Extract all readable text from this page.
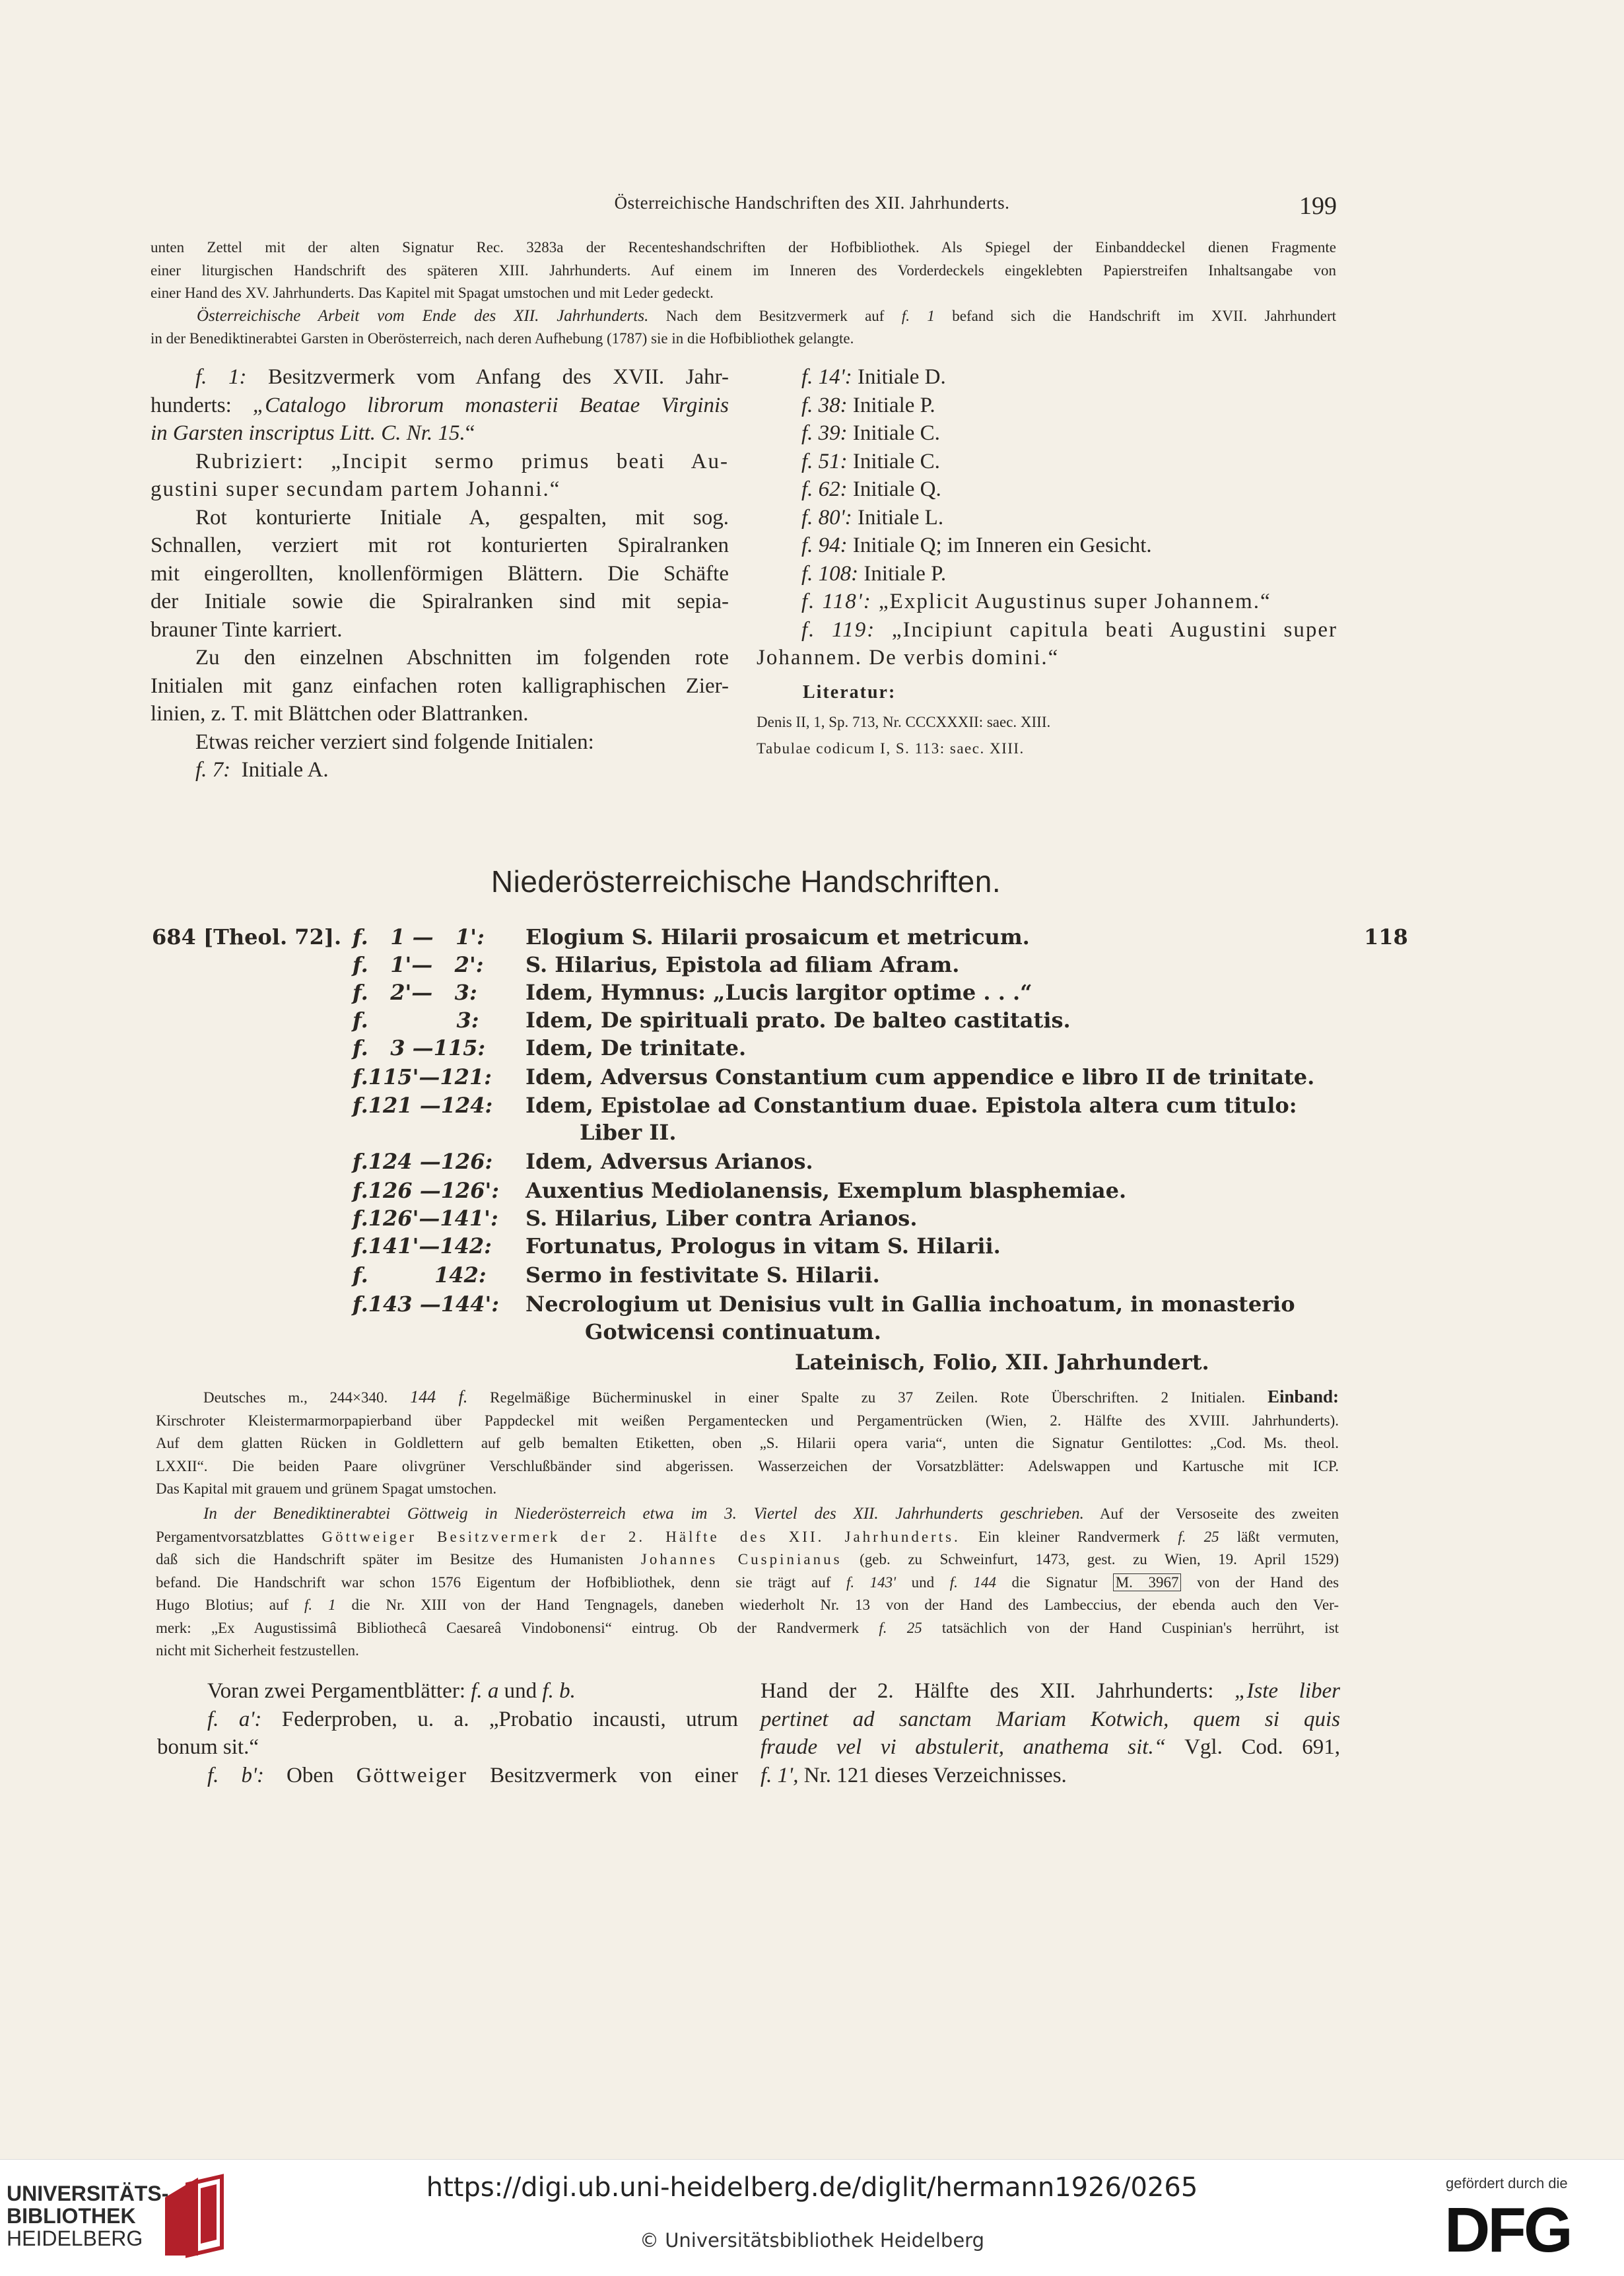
Österreichische Handschriften des XII. Jahrhunderts.	199
unten Zettel mit der alten Signatur Rec. 3283a der Recenteshandschriften der Hofbibliothek. Als Spiegel der Einbanddeckel dienen Fragmente
einer liturgischen Handschrift des späteren XIII. Jahrhunderts. Auf einem im Inneren des Vorderdeckels eingeklebten Papierstreifen Inhaltsangabe von
einer Hand des XV. Jahrhunderts. Das Kapitel mit Spagat umstochen und mit Leder gedeckt.
Österreichische Arbeit vom Ende des XII. Jahrhunderts. Nach dem Besitzvermerk auf f. 1 befand sich die Handschrift im XVII. Jahrhundert
in der Benediktinerabtei Garsten in Oberösterreich, nach deren Aufhebung (1787) sie in die Hofbibliothek gelangte.

f. 1: Besitzvermerk vom Anfang des XVII. Jahr-

hunderts: „Catalogo librorum monasterii Beatae Virginis

in Garsten inscriptus Litt. C. Nr. 15.“

Rubriziert: „Incipit sermo primus beati Au-

gustini super secundam partem Johanni.“

Rot konturierte Initiale A, gespalten, mit sog.

Schnallen, verziert mit rot konturierten Spiralranken

mit eingerollten, knollenförmigen Blättern. Die Schäfte

der Initiale sowie die Spiralranken sind mit sepia-

brauner Tinte karriert.

Zu den einzelnen Abschnitten im folgenden rote

Initialen mit ganz einfachen roten kalligraphischen Zier-

linien, z. T. mit Blättchen oder Blattranken.

Etwas reicher verziert sind folgende Initialen:

f. 7: Initiale A.

f. 14': Initiale D.

f. 38: Initiale P.

f. 39: Initiale C.

f. 51: Initiale C.

f. 62: Initiale Q.

f. 80': Initiale L.

f. 94: Initiale Q; im Inneren ein Gesicht.

f. 108: Initiale P.

f. 118': „Explicit Augustinus super Johannem.“

f. 119: „Incipiunt capitula beati Augustini super

Johannem. De verbis domini.“

Literatur:

Denis II, 1, Sp. 713, Nr. CCCXXXII: saec. XIII.

Tabulae codicum I, S. 113: saec. XIII.

Niederösterreichische Handschriften.
684 [Theol. 72].	118
f.   1 —   1':	Elogium S. Hilarii prosaicum et metricum.
f.   1'—   2':	S. Hilarius, Epistola ad filiam Afram.
f.   2'—   3:	Idem, Hymnus: „Lucis largitor optime . . .“
f.            3:	Idem, De spirituali prato. De balteo castitatis.
f.   3 —115:	Idem, De trinitate.
f.115'—121:	Idem, Adversus Constantium cum appendice e libro II de trinitate.
f.121 —124:	Idem, Epistolae ad Constantium duae. Epistola altera cum titulo:
Liber II.
f.124 —126:	Idem, Adversus Arianos.
f.126 —126':	Auxentius Mediolanensis, Exemplum blasphemiae.
f.126'—141':	S. Hilarius, Liber contra Arianos.
f.141'—142:	Fortunatus, Prologus in vitam S. Hilarii.
f.         142:	Sermo in festivitate S. Hilarii.
f.143 —144':	Necrologium ut Denisius vult in Gallia inchoatum, in monasterio
Gotwicensi continuatum.
Lateinisch, Folio, XII. Jahrhundert.
Deutsches m., 244×340. 144 f. Regelmäßige Bücherminuskel in einer Spalte zu 37 Zeilen. Rote Überschriften. 2 Initialen. Einband:
Kirschroter Kleistermarmorpapierband über Pappdeckel mit weißen Pergamentecken und Pergamentrücken (Wien, 2. Hälfte des XVIII. Jahrhunderts).
Auf dem glatten Rücken in Goldlettern auf gelb bemalten Etiketten, oben „S. Hilarii opera varia“, unten die Signatur Gentilottes: „Cod. Ms. theol.
LXXII“. Die beiden Paare olivgrüner Verschlußbänder sind abgerissen. Wasserzeichen der Vorsatzblätter: Adelswappen und Kartusche mit ICP.
Das Kapital mit grauem und grünem Spagat umstochen.
In der Benediktinerabtei Göttweig in Niederösterreich etwa im 3. Viertel des XII. Jahrhunderts geschrieben. Auf der Versoseite des zweiten
Pergamentvorsatzblattes Göttweiger Besitzvermerk der 2. Hälfte des XII. Jahrhunderts. Ein kleiner Randvermerk f. 25 läßt vermuten,
daß sich die Handschrift später im Besitze des Humanisten Johannes Cuspinianus (geb. zu Schweinfurt, 1473, gest. zu Wien, 19. April 1529)
befand. Die Handschrift war schon 1576 Eigentum der Hofbibliothek, denn sie trägt auf f. 143' und f. 144 die Signatur M. 3967 von der Hand des
Hugo Blotius; auf f. 1 die Nr. XIII von der Hand Tengnagels, daneben wiederholt Nr. 13 von der Hand des Lambeccius, der ebenda auch den Ver-
merk: „Ex Augustissimâ Bibliothecâ Caesareâ Vindobonensi“ eintrug. Ob der Randvermerk f. 25 tatsächlich von der Hand Cuspinian's herrührt, ist
nicht mit Sicherheit festzustellen.

Voran zwei Pergamentblätter: f. a und f. b.

f. a': Federproben, u. a. „Probatio incausti, utrum

bonum sit.“

f. b': Oben Göttweiger Besitzvermerk von einer

Hand der 2. Hälfte des XII. Jahrhunderts: „Iste liber

pertinet ad sanctam Mariam Kotwich, quem si quis

fraude vel vi abstulerit, anathema sit.“ Vgl. Cod. 691,

f. 1', Nr. 121 dieses Verzeichnisses.

UNIVERSITÄTS-
BIBLIOTHEK
HEIDELBERG
https://digi.ub.uni-heidelberg.de/diglit/hermann1926/0265
© Universitätsbibliothek Heidelberg
gefördert durch die
DFG
